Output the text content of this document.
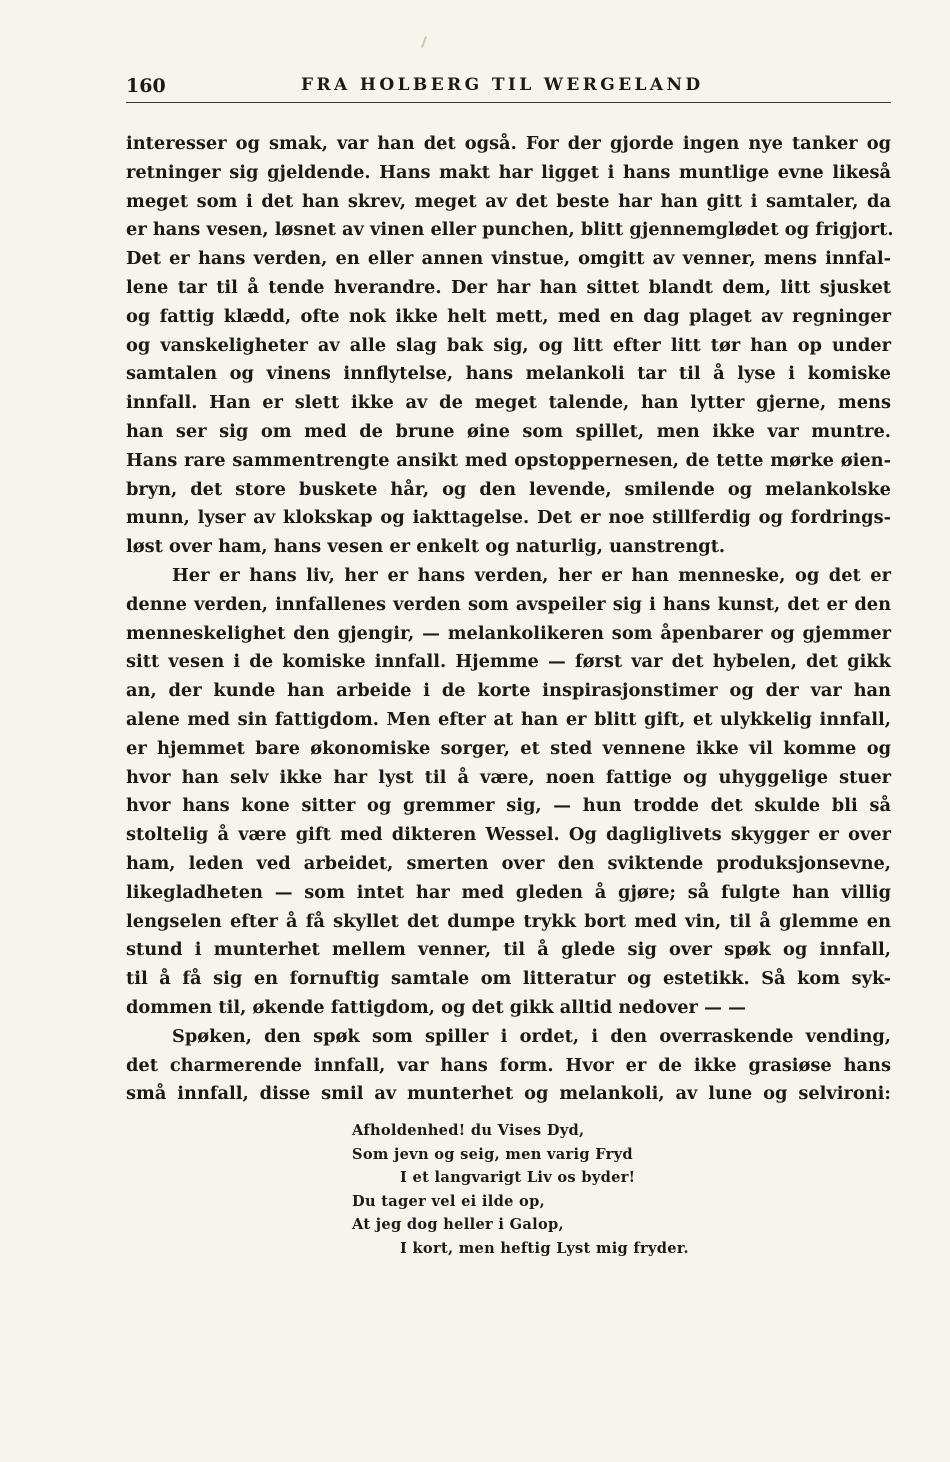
160	FRA HOLBERG TIL WERGELAND
interesser og smak, var han det også. For der gjorde ingen nye tanker og
retninger sig gjeldende. Hans makt har ligget i hans muntlige evne likeså
meget som i det han skrev, meget av det beste har han gitt i samtaler, da
er hans vesen, løsnet av vinen eller punchen, blitt gjennemglødet og frigjort.
Det er hans verden, en eller annen vinstue, omgitt av venner, mens innfal-
lene tar til å tende hverandre. Der har han sittet blandt dem, litt sjusket
og fattig klædd, ofte nok ikke helt mett, med en dag plaget av regninger
og vanskeligheter av alle slag bak sig, og litt efter litt tør han op under
samtalen og vinens innflytelse, hans melankoli tar til å lyse i komiske
innfall. Han er slett ikke av de meget talende, han lytter gjerne, mens
han ser sig om med de brune øine som spillet, men ikke var muntre.
Hans rare sammentrengte ansikt med opstoppernesen, de tette mørke øien-
bryn, det store buskete hår, og den levende, smilende og melankolske
munn, lyser av klokskap og iakttagelse. Det er noe stillferdig og fordrings-
løst over ham, hans vesen er enkelt og naturlig, uanstrengt.
Her er hans liv, her er hans verden, her er han menneske, og det er
denne verden, innfallenes verden som avspeiler sig i hans kunst, det er den
menneskelighet den gjengir, — melankolikeren som åpenbarer og gjemmer
sitt vesen i de komiske innfall. Hjemme — først var det hybelen, det gikk
an, der kunde han arbeide i de korte inspirasjonstimer og der var han
alene med sin fattigdom. Men efter at han er blitt gift, et ulykkelig innfall,
er hjemmet bare økonomiske sorger, et sted vennene ikke vil komme og
hvor han selv ikke har lyst til å være, noen fattige og uhyggelige stuer
hvor hans kone sitter og gremmer sig, — hun trodde det skulde bli så
stoltelig å være gift med dikteren Wessel. Og dagliglivets skygger er over
ham, leden ved arbeidet, smerten over den sviktende produksjonsevne,
likegladheten — som intet har med gleden å gjøre; så fulgte han villig
lengselen efter å få skyllet det dumpe trykk bort med vin, til å glemme en
stund i munterhet mellem venner, til å glede sig over spøk og innfall,
til å få sig en fornuftig samtale om litteratur og estetikk. Så kom syk-
dommen til, økende fattigdom, og det gikk alltid nedover — —
Spøken, den spøk som spiller i ordet, i den overraskende vending,
det charmerende innfall, var hans form. Hvor er de ikke grasiøse hans
små innfall, disse smil av munterhet og melankoli, av lune og selvironi:
Afholdenhed! du Vises Dyd,
Som jevn og seig, men varig Fryd
I et langvarigt Liv os byder!
Du tager vel ei ilde op,
At jeg dog heller i Galop,
I kort, men heftig Lyst mig fryder.
